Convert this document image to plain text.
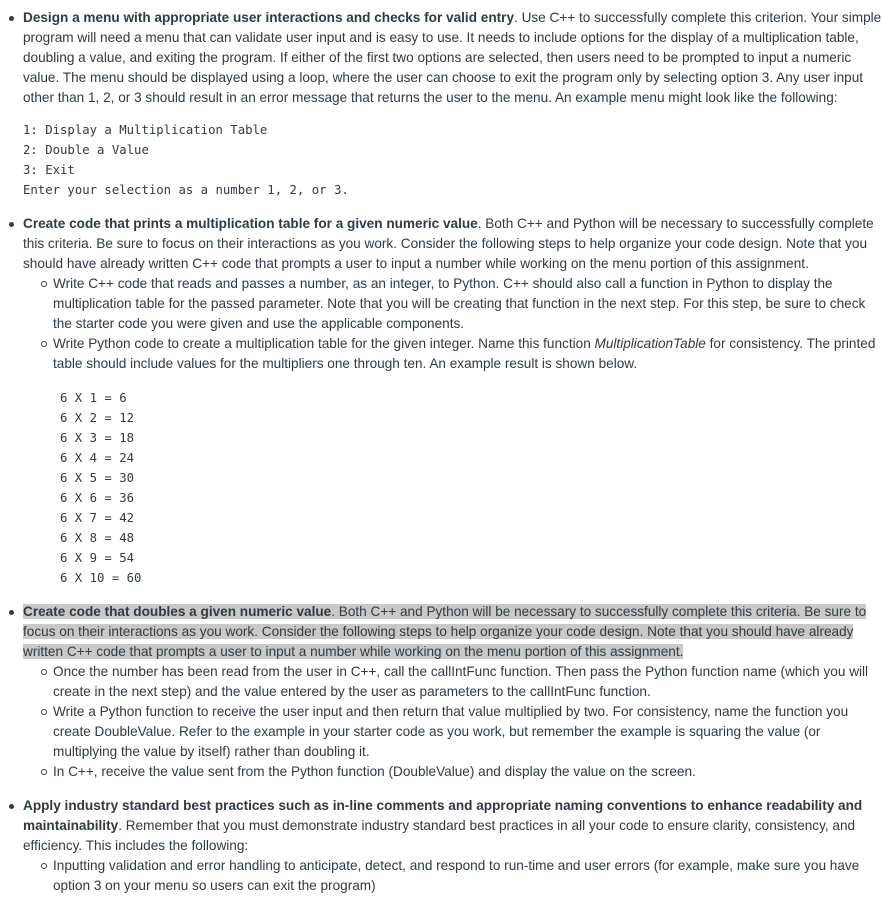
Design a menu with appropriate user interactions and checks for valid entry. Use C++ to successfully complete this criterion. Your simple program will need a menu that can validate user input and is easy to use. It needs to include options for the display of a multiplication table, doubling a value, and exiting the program. If either of the first two options are selected, then users need to be prompted to input a numeric value. The menu should be displayed using a loop, where the user can choose to exit the program only by selecting option 3. Any user input other than 1, 2, or 3 should result in an error message that returns the user to the menu. An example menu might look like the following:
1: Display a Multiplication Table
2: Double a Value
3: Exit
Enter your selection as a number 1, 2, or 3.
Create code that prints a multiplication table for a given numeric value. Both C++ and Python will be necessary to successfully complete this criteria. Be sure to focus on their interactions as you work. Consider the following steps to help organize your code design. Note that you should have already written C++ code that prompts a user to input a number while working on the menu portion of this assignment.
Write C++ code that reads and passes a number, as an integer, to Python. C++ should also call a function in Python to display the multiplication table for the passed parameter. Note that you will be creating that function in the next step. For this step, be sure to check the starter code you were given and use the applicable components.
Write Python code to create a multiplication table for the given integer. Name this function MultiplicationTable for consistency. The printed table should include values for the multipliers one through ten. An example result is shown below.
6 X 1 = 6
6 X 2 = 12
6 X 3 = 18
6 X 4 = 24
6 X 5 = 30
6 X 6 = 36
6 X 7 = 42
6 X 8 = 48
6 X 9 = 54
6 X 10 = 60
Create code that doubles a given numeric value. Both C++ and Python will be necessary to successfully complete this criteria. Be sure to focus on their interactions as you work. Consider the following steps to help organize your code design. Note that you should have already written C++ code that prompts a user to input a number while working on the menu portion of this assignment.
Once the number has been read from the user in C++, call the callIntFunc function. Then pass the Python function name (which you will create in the next step) and the value entered by the user as parameters to the callIntFunc function.
Write a Python function to receive the user input and then return that value multiplied by two. For consistency, name the function you create DoubleValue. Refer to the example in your starter code as you work, but remember the example is squaring the value (or multiplying the value by itself) rather than doubling it.
In C++, receive the value sent from the Python function (DoubleValue) and display the value on the screen.
Apply industry standard best practices such as in-line comments and appropriate naming conventions to enhance readability and maintainability. Remember that you must demonstrate industry standard best practices in all your code to ensure clarity, consistency, and efficiency. This includes the following:
Inputting validation and error handling to anticipate, detect, and respond to run-time and user errors (for example, make sure you have option 3 on your menu so users can exit the program)
